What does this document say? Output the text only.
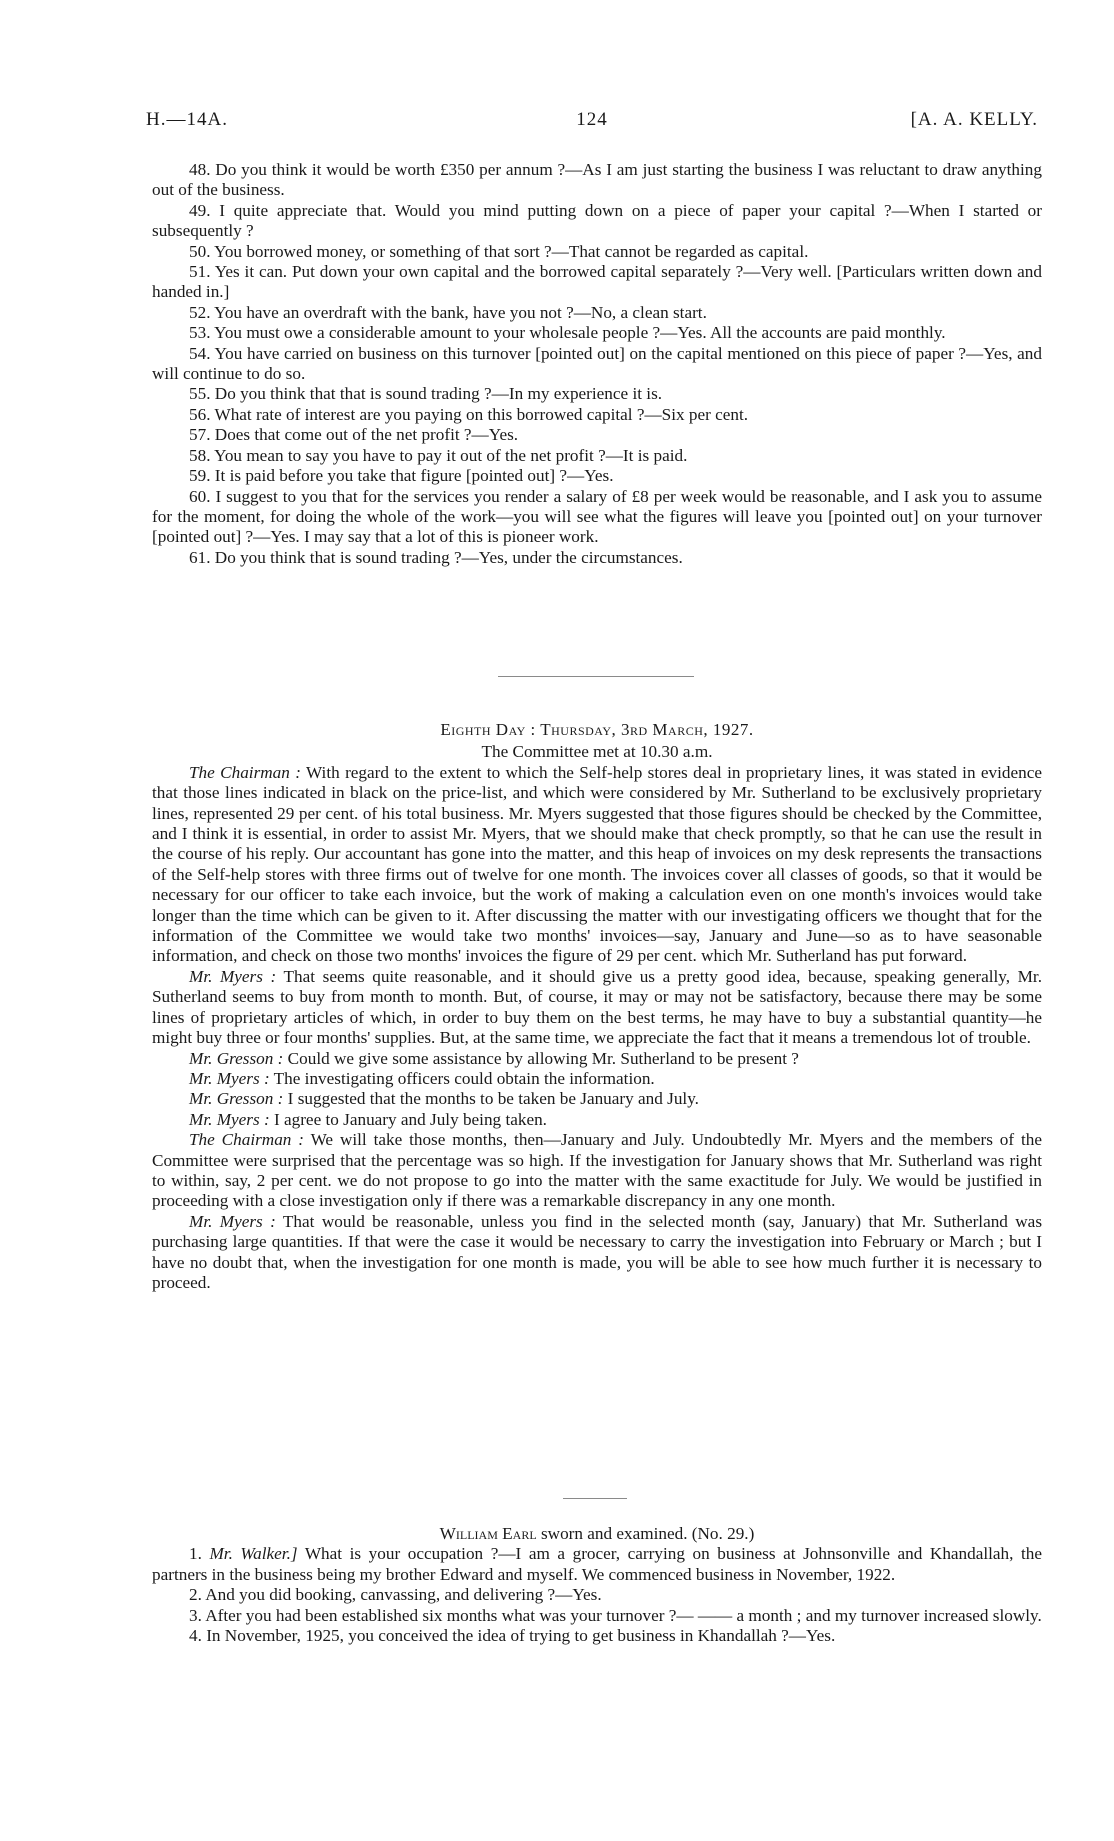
H.—14A.	124	[A. A. KELLY.

48. Do you think it would be worth £350 per annum ?—As I am just starting the business I was reluctant to draw anything out of the business.

49. I quite appreciate that. Would you mind putting down on a piece of paper your capital ?—When I started or subsequently ?

50. You borrowed money, or something of that sort ?—That cannot be regarded as capital.

51. Yes it can. Put down your own capital and the borrowed capital separately ?—Very well. [Particulars written down and handed in.]

52. You have an overdraft with the bank, have you not ?—No, a clean start.

53. You must owe a considerable amount to your wholesale people ?—Yes. All the accounts are paid monthly.

54. You have carried on business on this turnover [pointed out] on the capital mentioned on this piece of paper ?—Yes, and will continue to do so.

55. Do you think that that is sound trading ?—In my experience it is.

56. What rate of interest are you paying on this borrowed capital ?—Six per cent.

57. Does that come out of the net profit ?—Yes.

58. You mean to say you have to pay it out of the net profit ?—It is paid.

59. It is paid before you take that figure [pointed out] ?—Yes.

60. I suggest to you that for the services you render a salary of £8 per week would be reasonable, and I ask you to assume for the moment, for doing the whole of the work—you will see what the figures will leave you [pointed out] on your turnover [pointed out] ?—Yes. I may say that a lot of this is pioneer work.

61. Do you think that is sound trading ?—Yes, under the circumstances.

Eighth Day : Thursday, 3rd March, 1927.

The Committee met at 10.30 a.m.

The Chairman : With regard to the extent to which the Self-help stores deal in proprietary lines, it was stated in evidence that those lines indicated in black on the price-list, and which were considered by Mr. Sutherland to be exclusively proprietary lines, represented 29 per cent. of his total business. Mr. Myers suggested that those figures should be checked by the Committee, and I think it is essential, in order to assist Mr. Myers, that we should make that check promptly, so that he can use the result in the course of his reply. Our accountant has gone into the matter, and this heap of invoices on my desk represents the transactions of the Self-help stores with three firms out of twelve for one month. The invoices cover all classes of goods, so that it would be necessary for our officer to take each invoice, but the work of making a calculation even on one month's invoices would take longer than the time which can be given to it. After discussing the matter with our investigating officers we thought that for the information of the Committee we would take two months' invoices—say, January and June—so as to have seasonable information, and check on those two months' invoices the figure of 29 per cent. which Mr. Sutherland has put forward.

Mr. Myers : That seems quite reasonable, and it should give us a pretty good idea, because, speaking generally, Mr. Sutherland seems to buy from month to month. But, of course, it may or may not be satisfactory, because there may be some lines of proprietary articles of which, in order to buy them on the best terms, he may have to buy a substantial quantity—he might buy three or four months' supplies. But, at the same time, we appreciate the fact that it means a tremendous lot of trouble.

Mr. Gresson : Could we give some assistance by allowing Mr. Sutherland to be present ?

Mr. Myers : The investigating officers could obtain the information.

Mr. Gresson : I suggested that the months to be taken be January and July.

Mr. Myers : I agree to January and July being taken.

The Chairman : We will take those months, then—January and July. Undoubtedly Mr. Myers and the members of the Committee were surprised that the percentage was so high. If the investigation for January shows that Mr. Sutherland was right to within, say, 2 per cent. we do not propose to go into the matter with the same exactitude for July. We would be justified in proceeding with a close investigation only if there was a remarkable discrepancy in any one month.

Mr. Myers : That would be reasonable, unless you find in the selected month (say, January) that Mr. Sutherland was purchasing large quantities. If that were the case it would be necessary to carry the investigation into February or March ; but I have no doubt that, when the investigation for one month is made, you will be able to see how much further it is necessary to proceed.

William Earl sworn and examined. (No. 29.)

1. Mr. Walker.] What is your occupation ?—I am a grocer, carrying on business at Johnsonville and Khandallah, the partners in the business being my brother Edward and myself. We commenced business in November, 1922.

2. And you did booking, canvassing, and delivering ?—Yes.

3. After you had been established six months what was your turnover ?— —— a month ; and my turnover increased slowly.

4. In November, 1925, you conceived the idea of trying to get business in Khandallah ?—Yes.
